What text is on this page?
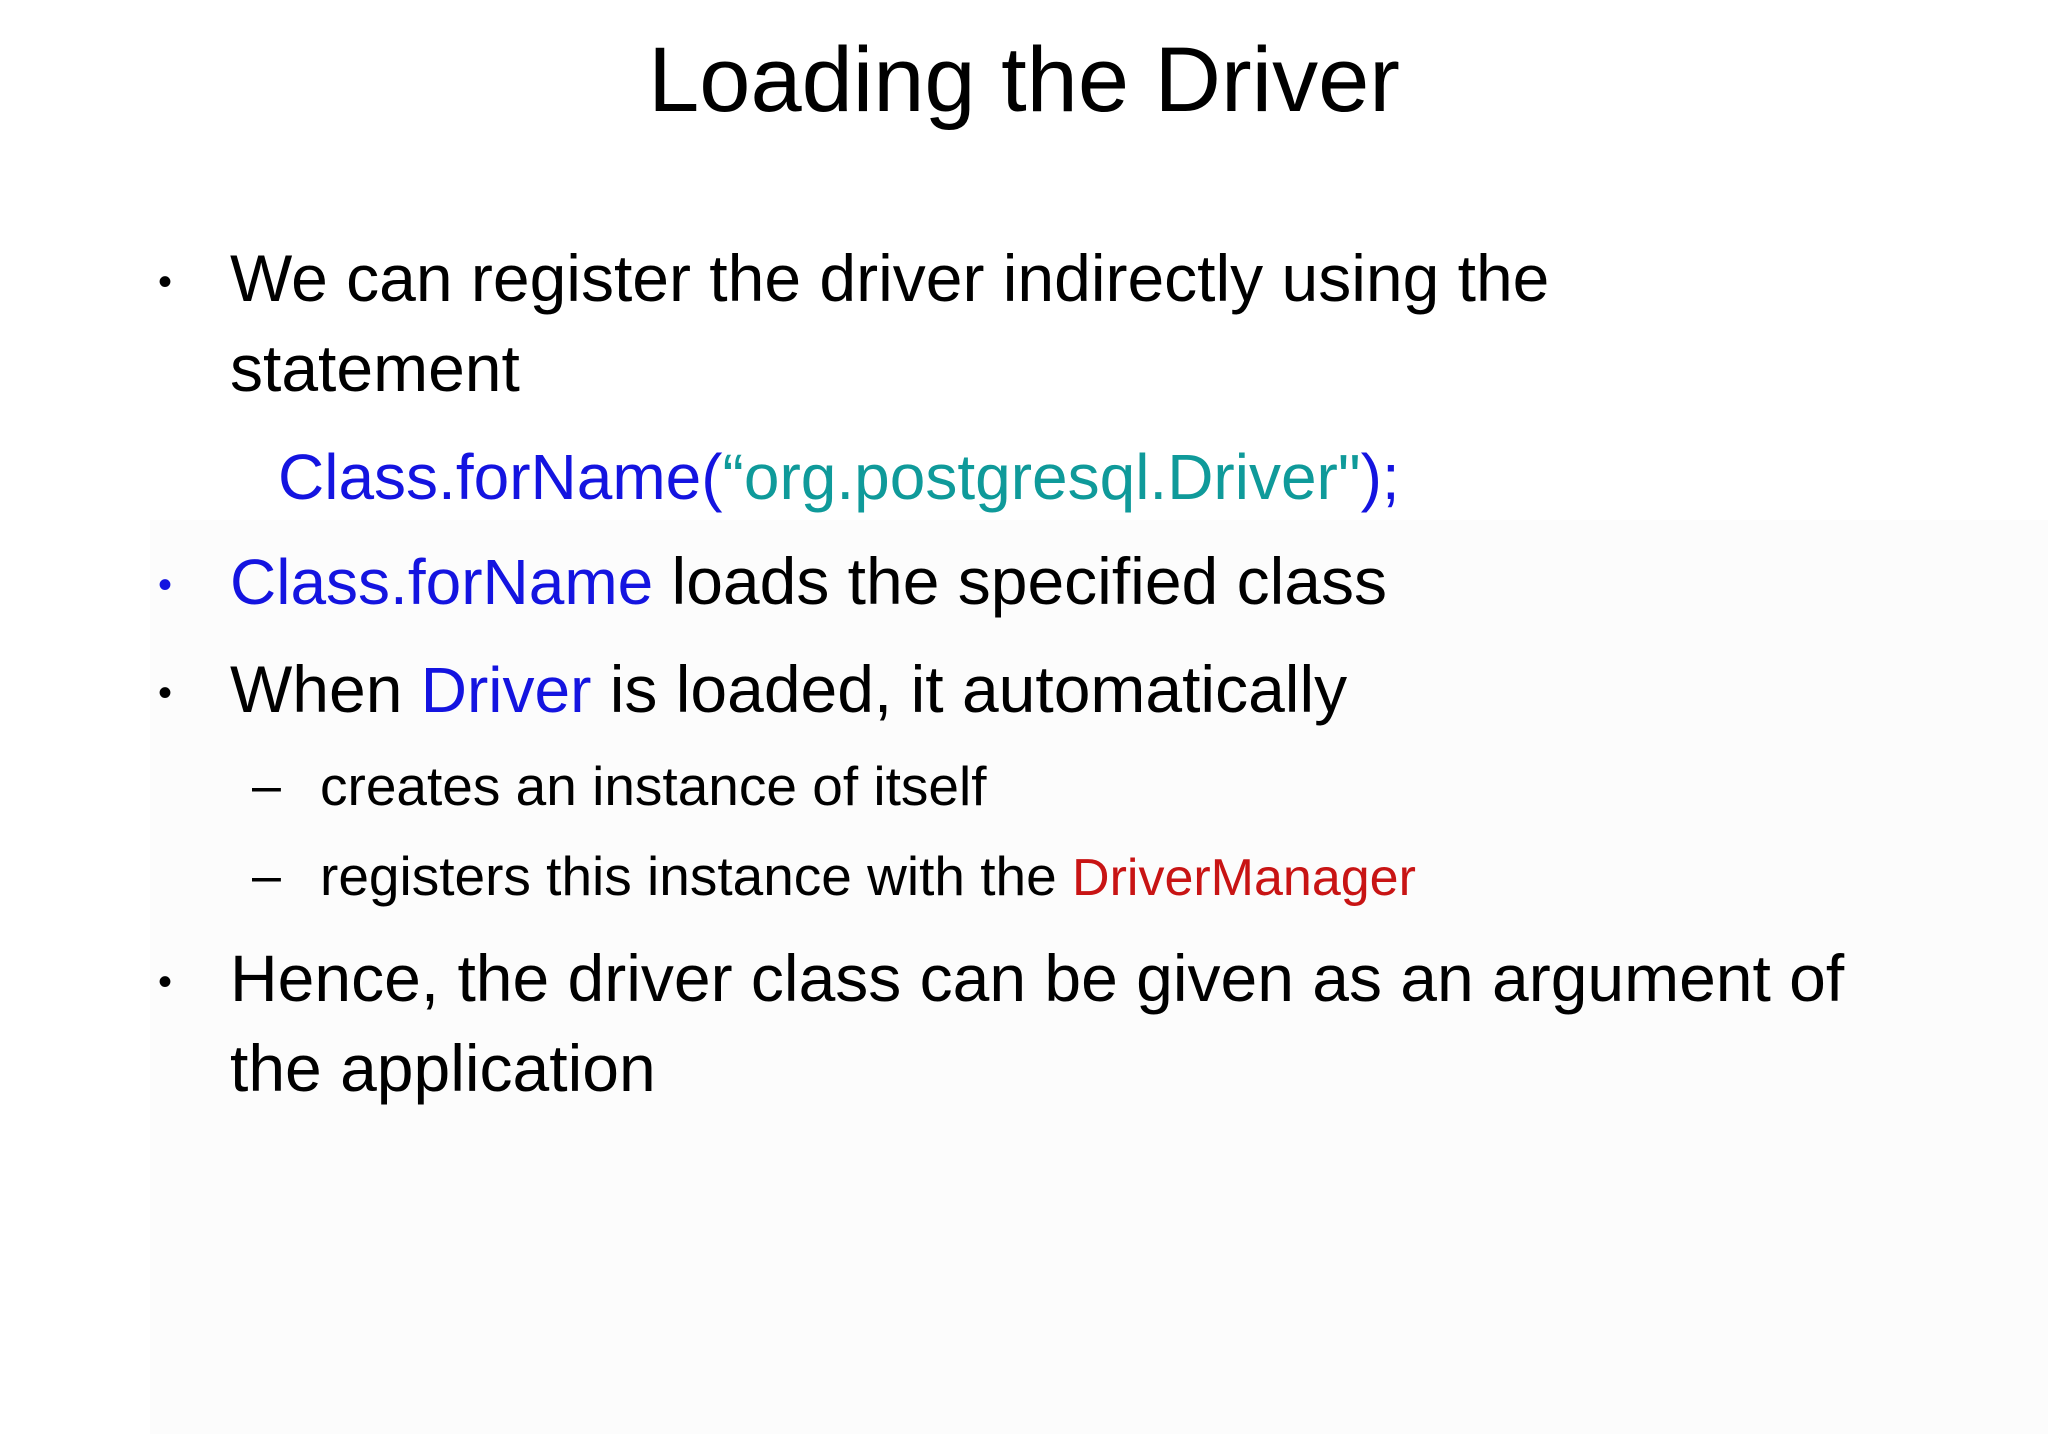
Loading the Driver
• We can register the driver indirectly using the
statement
Class.forName(“org.postgresql.Driver");
• Class.forName loads the specified class
• When Driver is loaded, it automatically
– creates an instance of itself
– registers this instance with the DriverManager
• Hence, the driver class can be given as an argument of
the application
